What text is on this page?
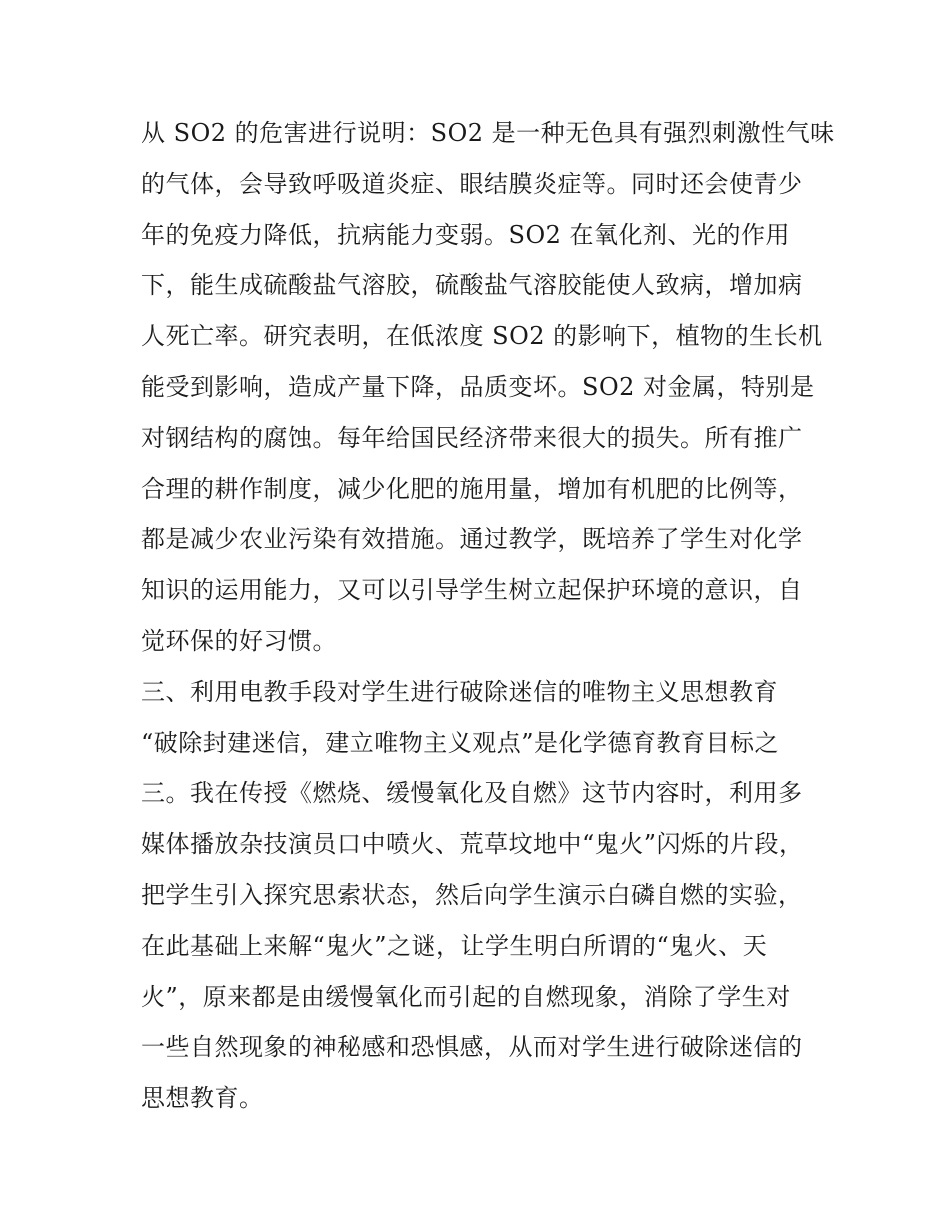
从 SO2 的危害进行说明：SO2 是一种无色具有强烈刺激性气味
的气体，会导致呼吸道炎症、眼结膜炎症等。同时还会使青少
年的免疫力降低，抗病能力变弱。SO2 在氧化剂、光的作用
下，能生成硫酸盐气溶胶，硫酸盐气溶胶能使人致病，增加病
人死亡率。研究表明，在低浓度 SO2 的影响下，植物的生长机
能受到影响，造成产量下降，品质变坏。SO2 对金属，特别是
对钢结构的腐蚀。每年给国民经济带来很大的损失。所有推广
合理的耕作制度，减少化肥的施用量，增加有机肥的比例等，
都是减少农业污染有效措施。通过教学，既培养了学生对化学
知识的运用能力，又可以引导学生树立起保护环境的意识，自
觉环保的好习惯。
三、利用电教手段对学生进行破除迷信的唯物主义思想教育
“破除封建迷信，建立唯物主义观点”是化学德育教育目标之
三。我在传授《燃烧、缓慢氧化及自燃》这节内容时，利用多
媒体播放杂技演员口中喷火、荒草坟地中“鬼火”闪烁的片段，
把学生引入探究思索状态，然后向学生演示白磷自燃的实验，
在此基础上来解“鬼火”之谜，让学生明白所谓的“鬼火、天
火”，原来都是由缓慢氧化而引起的自燃现象，消除了学生对
一些自然现象的神秘感和恐惧感，从而对学生进行破除迷信的
思想教育。
